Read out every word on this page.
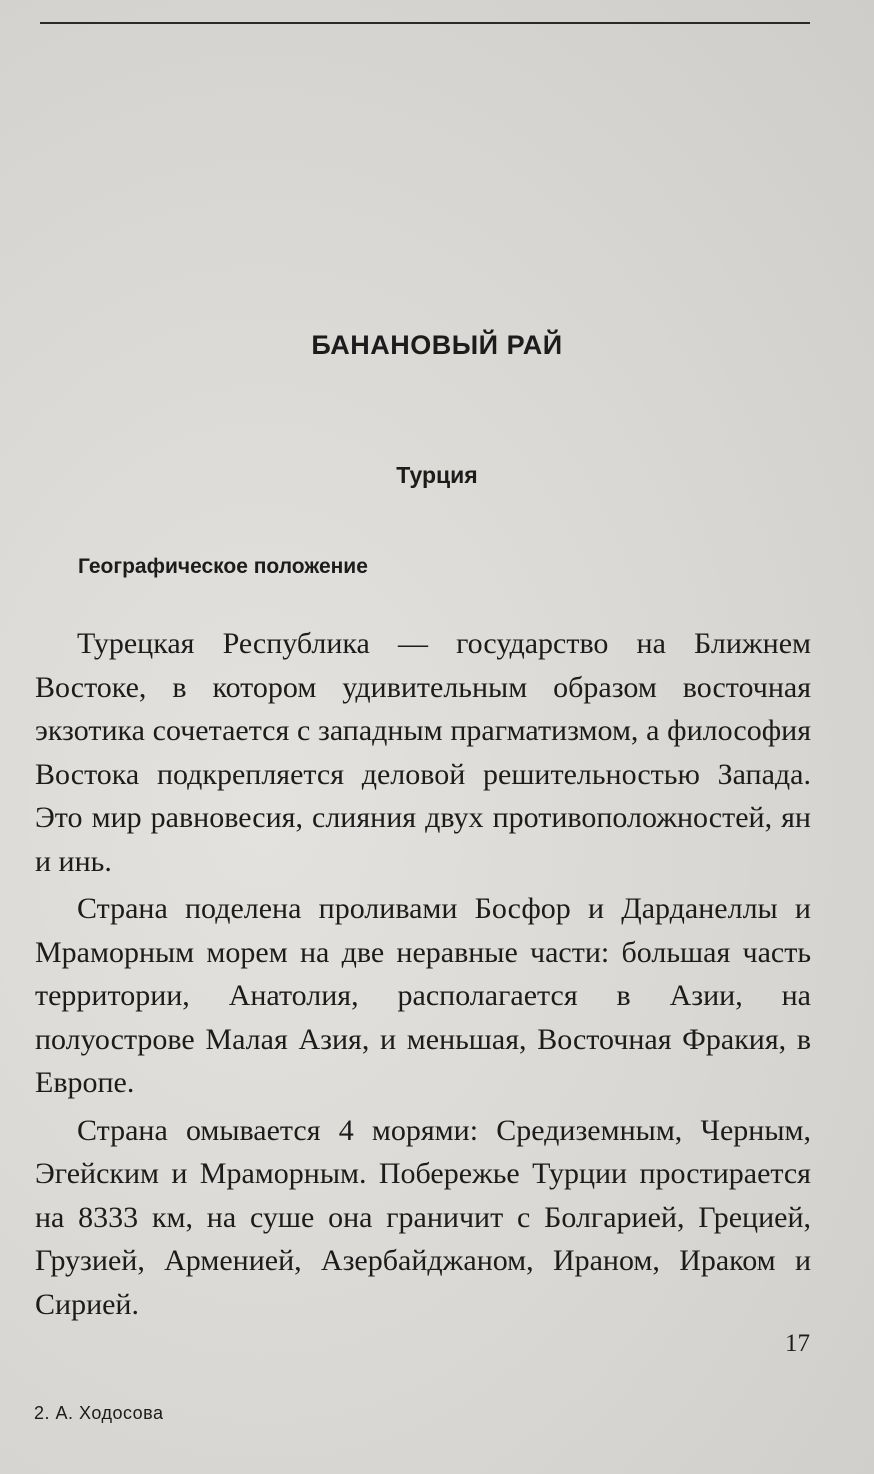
БАНАНОВЫЙ РАЙ
Турция
Географическое положение

Турецкая Республика — государство на Ближнем Востоке, в котором удивительным образом восточная экзотика сочетается с западным прагматизмом, а философия Востока подкрепляется деловой решительностью Запада. Это мир равновесия, слияния двух противоположностей, ян и инь.

Страна поделена проливами Босфор и Дарданеллы и Мраморным морем на две неравные части: большая часть территории, Анатолия, располагается в Азии, на полуострове Малая Азия, и меньшая, Восточная Фракия, в Европе.

Страна омывается 4 морями: Средиземным, Черным, Эгейским и Мраморным. Побережье Турции простирается на 8333 км, на суше она граничит с Болгарией, Грецией, Грузией, Арменией, Азербайджаном, Ираном, Ираком и Сирией.

17
2. А. Ходосова
